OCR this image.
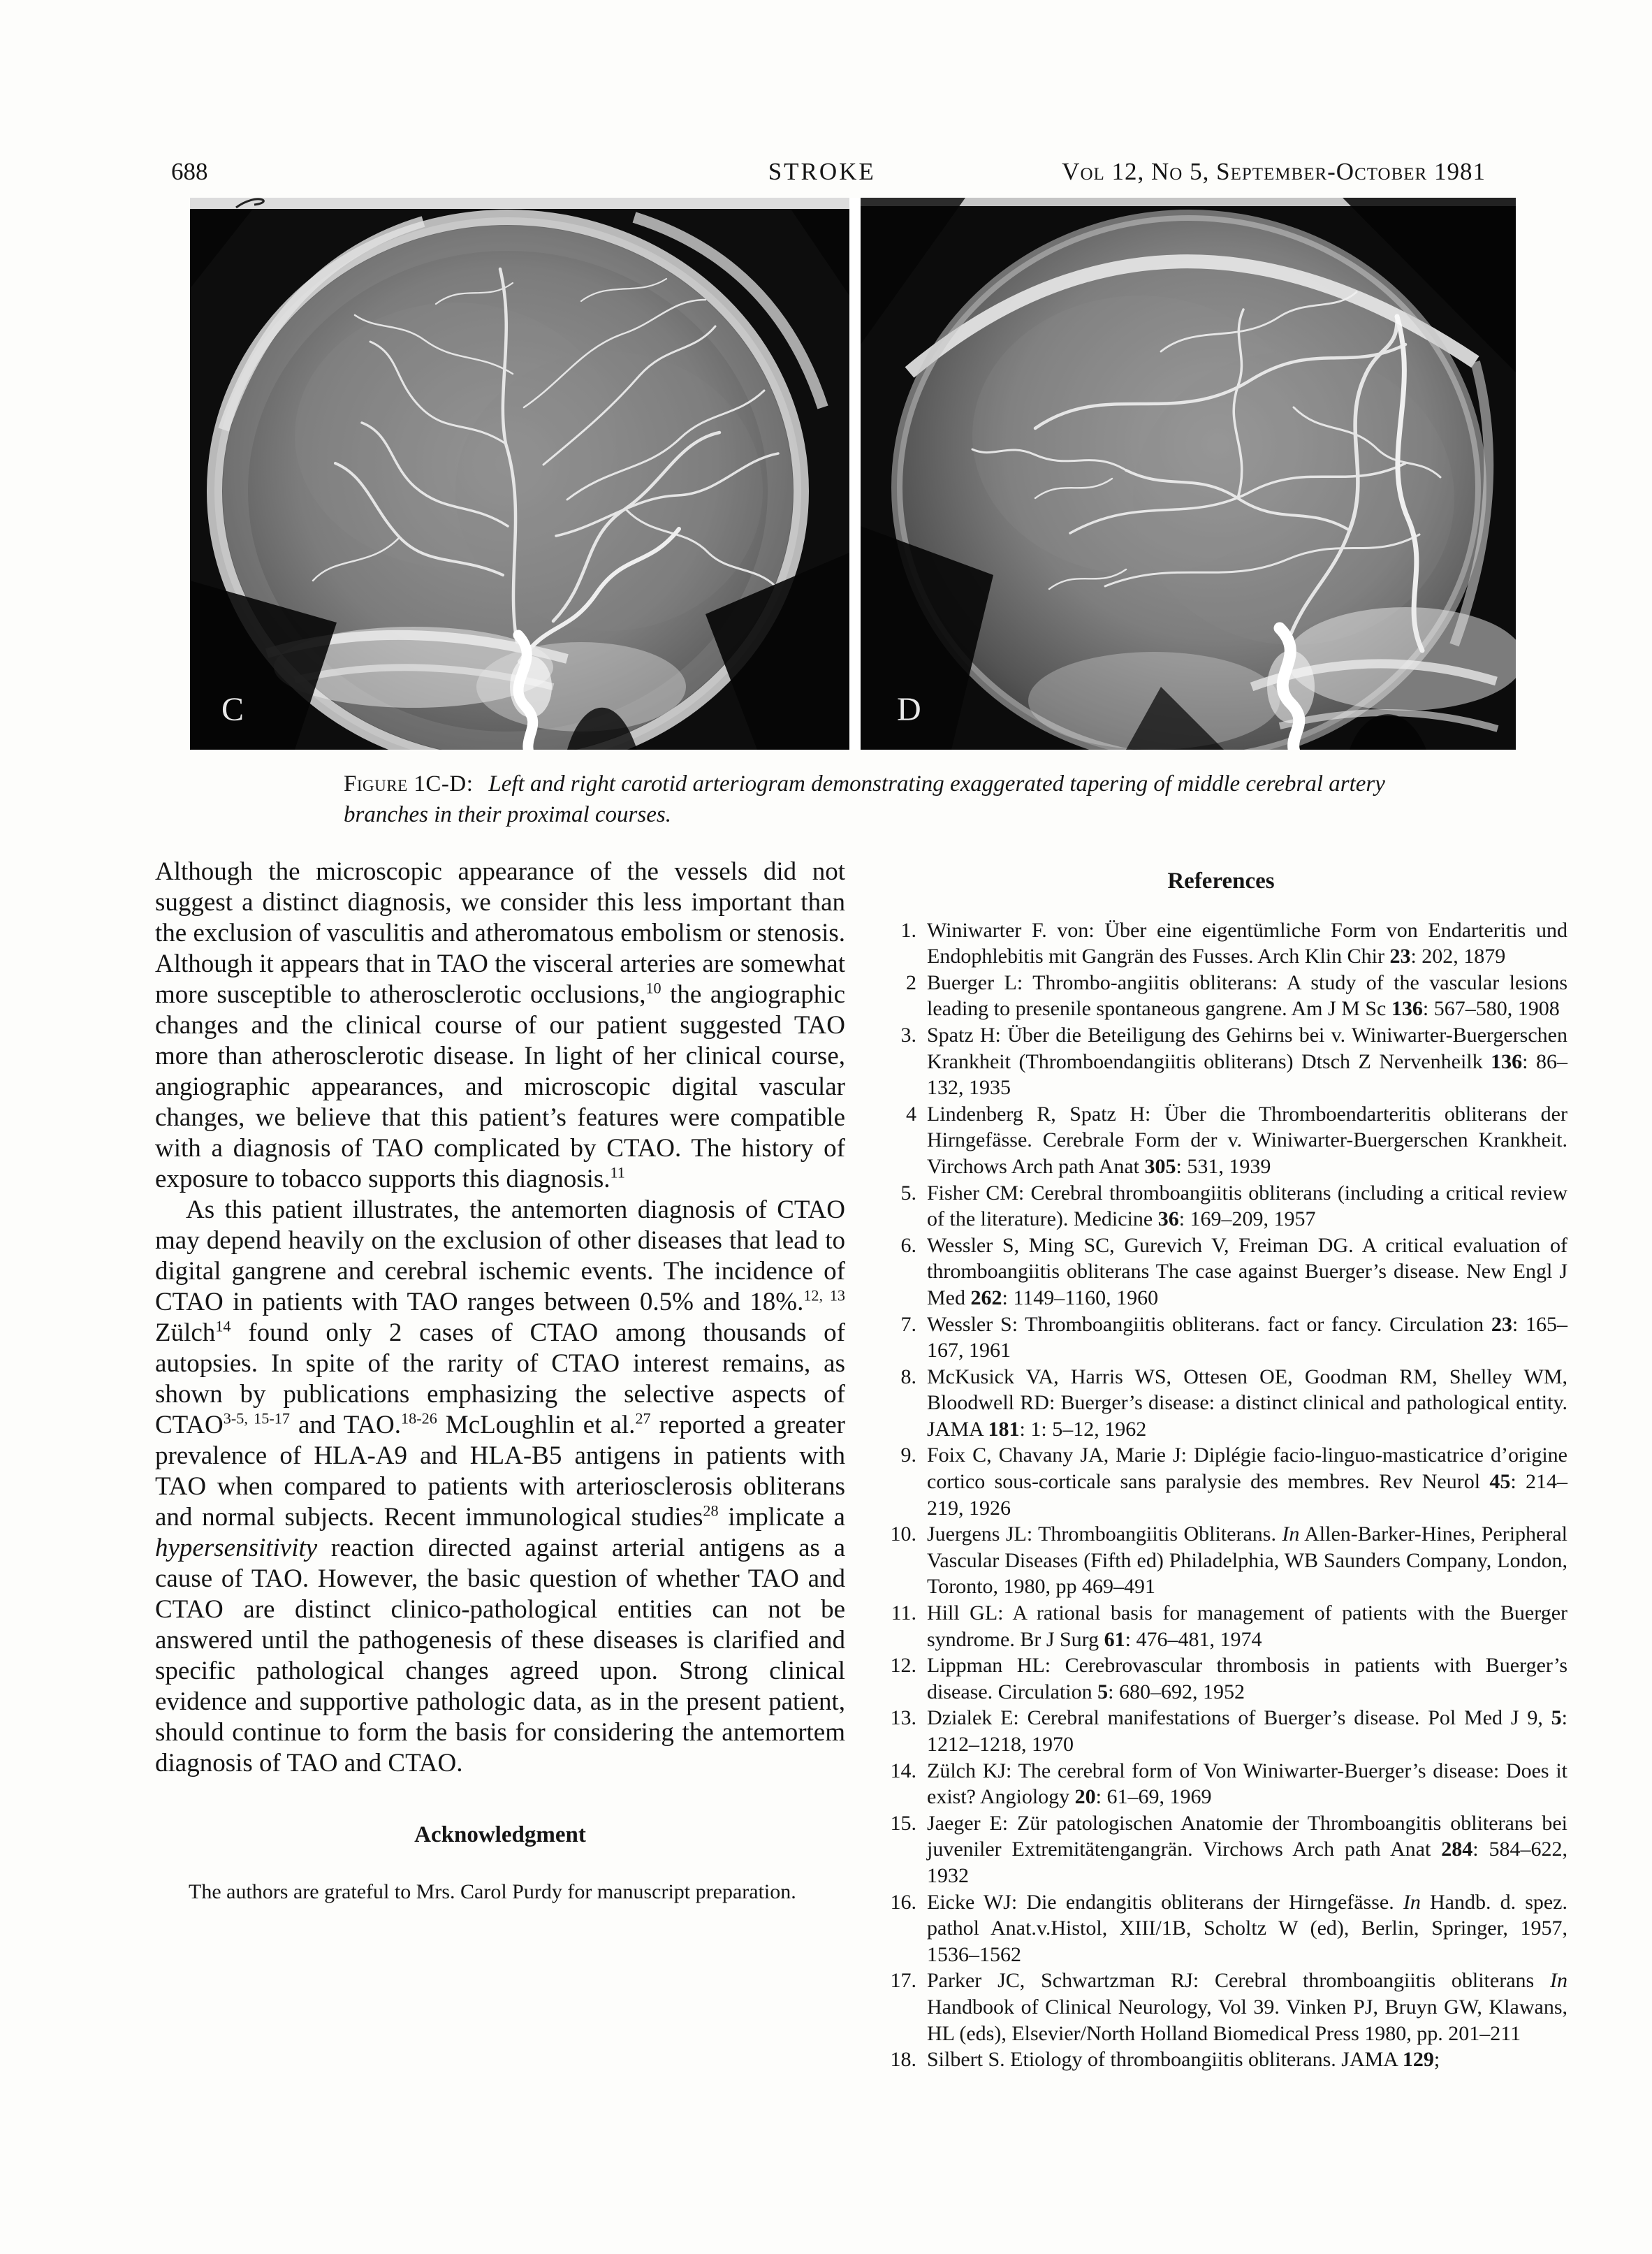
688	STROKE	Vol 12, No 5, September-October 1981
C	D
Figure 1C-D: Left and right carotid arteriogram demonstrating exaggerated tapering of middle cerebral artery branches in their proximal courses.

Although the microscopic appearance of the vessels did not suggest a distinct diagnosis, we consider this less important than the exclusion of vasculitis and atheromatous embolism or stenosis. Although it appears that in TAO the visceral arteries are somewhat more susceptible to atherosclerotic occlusions,$^{10}$ the angiographic changes and the clinical course of our patient suggested TAO more than atherosclerotic disease. In light of her clinical course, angiographic appearances, and microscopic digital vascular changes, we believe that this patient’s features were compatible with a diagnosis of TAO complicated by CTAO. The history of exposure to tobacco supports this diagnosis.$^{11}$

As this patient illustrates, the antemorten diagnosis of CTAO may depend heavily on the exclusion of other diseases that lead to digital gangrene and cerebral ischemic events. The incidence of CTAO in patients with TAO ranges between 0.5% and 18%.$^{12, 13}$ Zülch$^{14}$ found only 2 cases of CTAO among thousands of autopsies. In spite of the rarity of CTAO interest remains, as shown by publications emphasizing the selective aspects of CTAO$^{3-5, 15-17}$ and TAO.$^{18-26}$ McLoughlin et al.$^{27}$ reported a greater prevalence of HLA-A9 and HLA-B5 antigens in patients with TAO when compared to patients with arteriosclerosis obliterans and normal subjects. Recent immunological studies$^{28}$ implicate a hypersensitivity reaction directed against arterial antigens as a cause of TAO. However, the basic question of whether TAO and CTAO are distinct clinico-pathological entities can not be answered until the pathogenesis of these diseases is clarified and specific pathological changes agreed upon. Strong clinical evidence and supportive pathologic data, as in the present patient, should continue to form the basis for considering the antemortem diagnosis of TAO and CTAO.

Acknowledgment

The authors are grateful to Mrs. Carol Purdy for manuscript preparation.

References
1. Winiwarter F. von: Über eine eigentümliche Form von Endarteritis und Endophlebitis mit Gangrän des Fusses. Arch Klin Chir 23: 202, 1879
2 Buerger L: Thrombo-angiitis obliterans: A study of the vascular lesions leading to presenile spontaneous gangrene. Am J M Sc 136: 567–580, 1908
3. Spatz H: Über die Beteiligung des Gehirns bei v. Winiwarter-Buergerschen Krankheit (Thromboendangiitis obliterans) Dtsch Z Nervenheilk 136: 86–132, 1935
4 Lindenberg R, Spatz H: Über die Thromboendarteritis obliterans der Hirngefässe. Cerebrale Form der v. Winiwarter-Buergerschen Krankheit. Virchows Arch path Anat 305: 531, 1939
5. Fisher CM: Cerebral thromboangiitis obliterans (including a critical review of the literature). Medicine 36: 169–209, 1957
6. Wessler S, Ming SC, Gurevich V, Freiman DG. A critical evaluation of thromboangiitis obliterans The case against Buerger’s disease. New Engl J Med 262: 1149–1160, 1960
7. Wessler S: Thromboangiitis obliterans. fact or fancy. Circulation 23: 165–167, 1961
8. McKusick VA, Harris WS, Ottesen OE, Goodman RM, Shelley WM, Bloodwell RD: Buerger’s disease: a distinct clinical and pathological entity. JAMA 181: 1: 5–12, 1962
9. Foix C, Chavany JA, Marie J: Diplégie facio-linguo-masticatrice d’origine cortico sous-corticale sans paralysie des membres. Rev Neurol 45: 214–219, 1926
10. Juergens JL: Thromboangiitis Obliterans. In Allen-Barker-Hines, Peripheral Vascular Diseases (Fifth ed) Philadelphia, WB Saunders Company, London, Toronto, 1980, pp 469–491
11. Hill GL: A rational basis for management of patients with the Buerger syndrome. Br J Surg 61: 476–481, 1974
12. Lippman HL: Cerebrovascular thrombosis in patients with Buerger’s disease. Circulation 5: 680–692, 1952
13. Dzialek E: Cerebral manifestations of Buerger’s disease. Pol Med J 9, 5: 1212–1218, 1970
14. Zülch KJ: The cerebral form of Von Winiwarter-Buerger’s disease: Does it exist? Angiology 20: 61–69, 1969
15. Jaeger E: Zür patologischen Anatomie der Thromboangitis obliterans bei juveniler Extremitätengangrän. Virchows Arch path Anat 284: 584–622, 1932
16. Eicke WJ: Die endangitis obliterans der Hirngefässe. In Handb. d. spez. pathol Anat.v.Histol, XIII/1B, Scholtz W (ed), Berlin, Springer, 1957, 1536–1562
17. Parker JC, Schwartzman RJ: Cerebral thromboangiitis obliterans In Handbook of Clinical Neurology, Vol 39. Vinken PJ, Bruyn GW, Klawans, HL (eds), Elsevier/North Holland Biomedical Press 1980, pp. 201–211
18. Silbert S. Etiology of thromboangiitis obliterans. JAMA 129;
